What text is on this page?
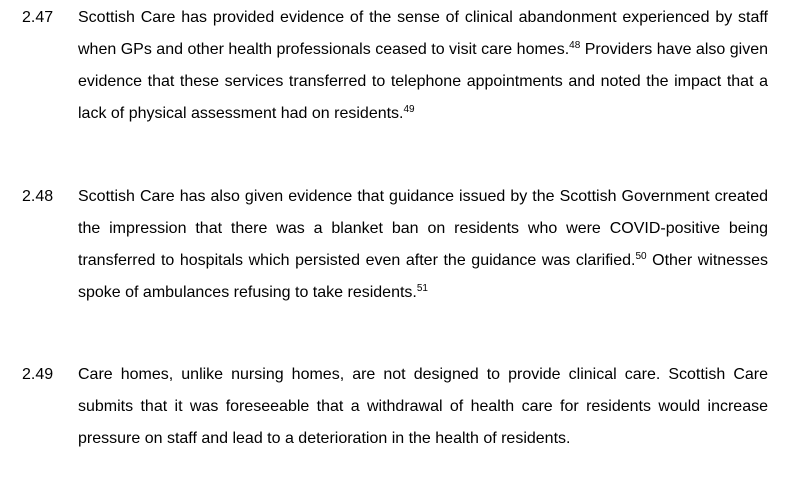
2.47 Scottish Care has provided evidence of the sense of clinical abandonment experienced by staff when GPs and other health professionals ceased to visit care homes.$^{48}$ Providers have also given evidence that these services transferred to telephone appointments and noted the impact that a lack of physical assessment had on residents.$^{49}$
2.48 Scottish Care has also given evidence that guidance issued by the Scottish Government created the impression that there was a blanket ban on residents who were COVID-positive being transferred to hospitals which persisted even after the guidance was clarified.$^{50}$ Other witnesses spoke of ambulances refusing to take residents.$^{51}$
2.49 Care homes, unlike nursing homes, are not designed to provide clinical care. Scottish Care submits that it was foreseeable that a withdrawal of health care for residents would increase pressure on staff and lead to a deterioration in the health of residents.
